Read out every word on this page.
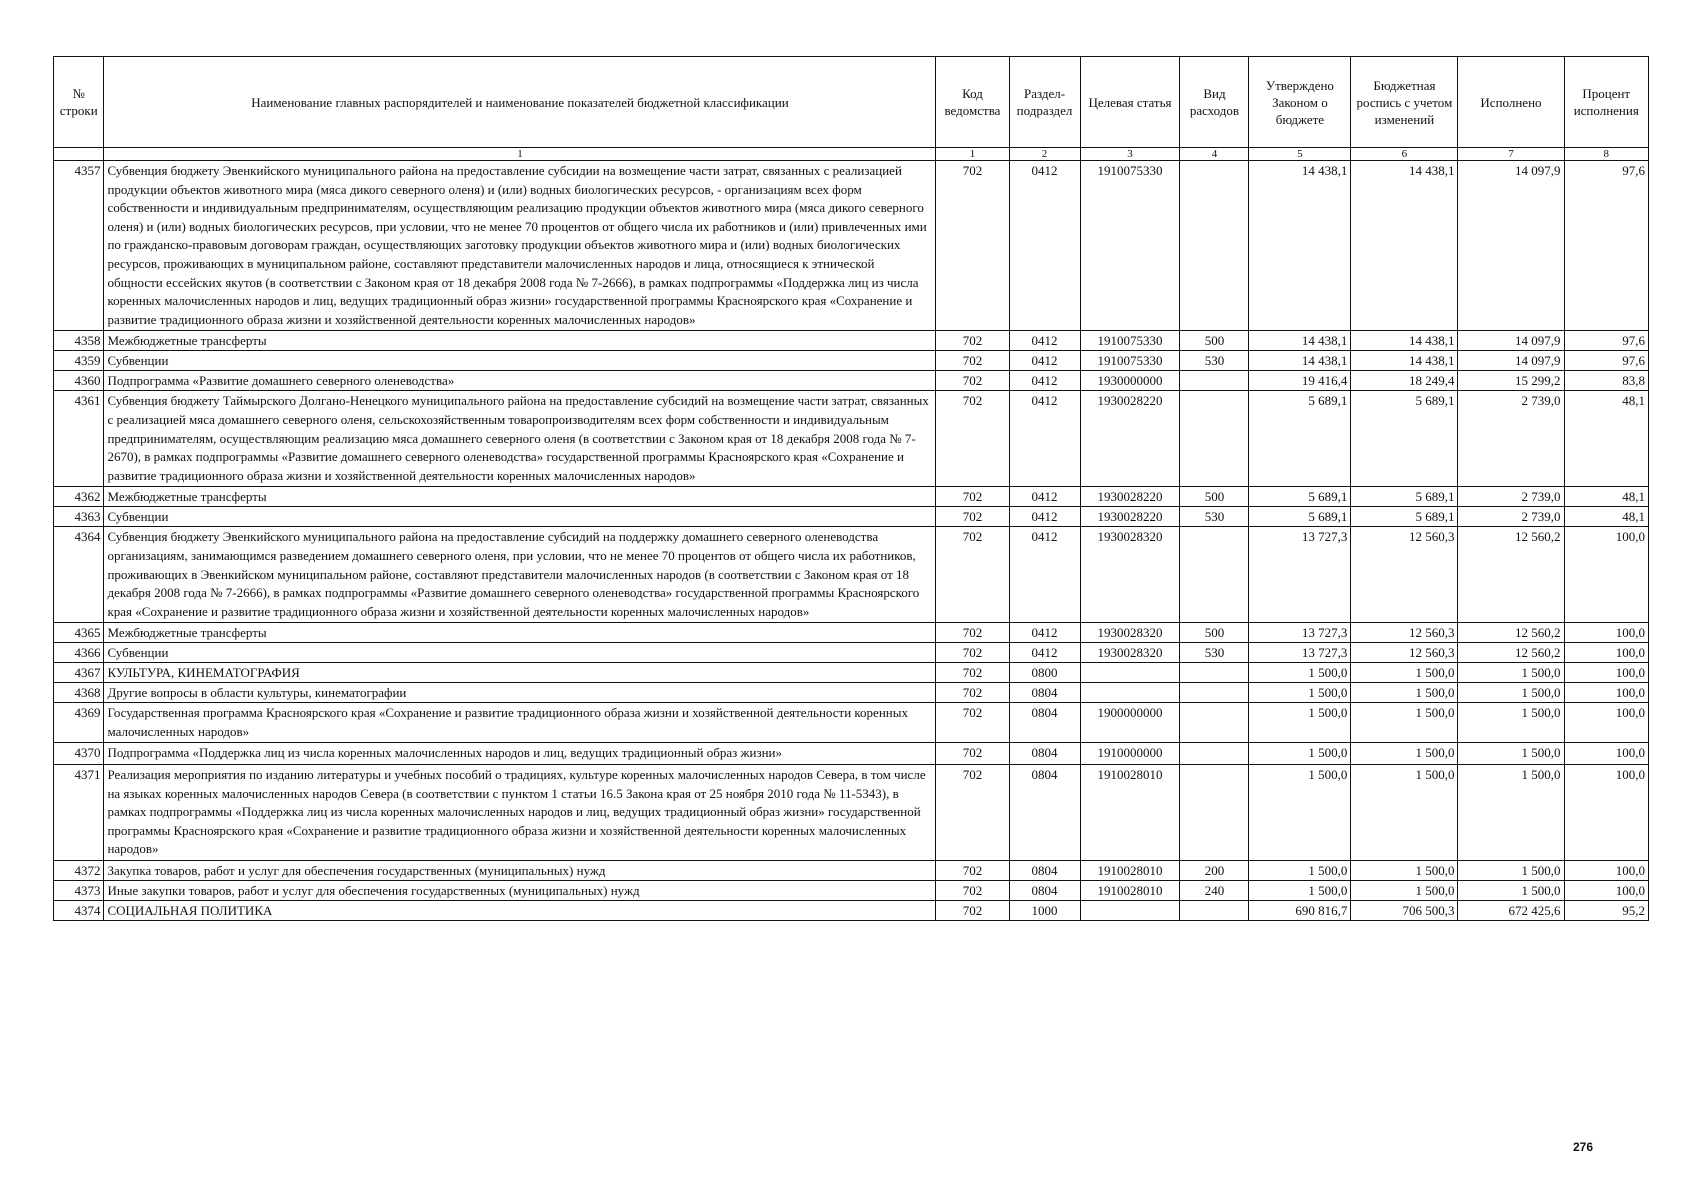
№ строки	Наименование главных распорядителей и наименование показателей бюджетной классификации	Код ведомства	Раздел-подраздел	Целевая статья	Вид расходов	Утверждено Законом о бюджете	Бюджетная роспись с учетом изменений	Исполнено	Процент исполнения
	1	1	2	3	4	5	6	7	8
4357	Субвенция бюджету Эвенкийского муниципального района на предоставление субсидии на возмещение части затрат, связанных с реализацией продукции объектов животного мира (мяса дикого северного оленя) и (или) водных биологических ресурсов, - организациям всех форм собственности и индивидуальным предпринимателям, осуществляющим реализацию продукции объектов животного мира (мяса дикого северного оленя) и (или) водных биологических ресурсов, при условии, что не менее 70 процентов от общего числа их работников и (или) привлеченных ими по гражданско-правовым договорам граждан, осуществляющих заготовку продукции объектов животного мира и (или) водных биологических ресурсов, проживающих в муниципальном районе, составляют представители малочисленных народов и лица, относящиеся к этнической общности ессейских якутов (в соответствии с Законом края от 18 декабря 2008 года № 7-2666), в рамках подпрограммы «Поддержка лиц из числа коренных малочисленных народов и лиц, ведущих традиционный образ жизни» государственной программы Красноярского края «Сохранение и развитие традиционного образа жизни и хозяйственной деятельности коренных малочисленных народов»	702	0412	1910075330		14 438,1	14 438,1	14 097,9	97,6
4358	Межбюджетные трансферты	702	0412	1910075330	500	14 438,1	14 438,1	14 097,9	97,6
4359	Субвенции	702	0412	1910075330	530	14 438,1	14 438,1	14 097,9	97,6
4360	Подпрограмма «Развитие домашнего северного оленеводства»	702	0412	1930000000		19 416,4	18 249,4	15 299,2	83,8
4361	Субвенция бюджету Таймырского Долгано-Ненецкого муниципального района на предоставление субсидий на возмещение части затрат, связанных с реализацией мяса домашнего северного оленя, сельскохозяйственным товаропроизводителям всех форм собственности и индивидуальным предпринимателям, осуществляющим реализацию мяса домашнего северного оленя (в соответствии с Законом края от 18 декабря 2008 года № 7-2670), в рамках подпрограммы «Развитие домашнего северного оленеводства» государственной программы Красноярского края «Сохранение и развитие традиционного образа жизни и хозяйственной деятельности коренных малочисленных народов»	702	0412	1930028220		5 689,1	5 689,1	2 739,0	48,1
4362	Межбюджетные трансферты	702	0412	1930028220	500	5 689,1	5 689,1	2 739,0	48,1
4363	Субвенции	702	0412	1930028220	530	5 689,1	5 689,1	2 739,0	48,1
4364	Субвенция бюджету Эвенкийского муниципального района на предоставление субсидий на поддержку домашнего северного оленеводства организациям, занимающимся разведением домашнего северного оленя, при условии, что не менее 70 процентов от общего числа их работников, проживающих в Эвенкийском муниципальном районе, составляют представители малочисленных народов (в соответствии с Законом края от 18 декабря 2008 года № 7-2666), в рамках подпрограммы «Развитие домашнего северного оленеводства» государственной программы Красноярского края «Сохранение и развитие традиционного образа жизни и хозяйственной деятельности коренных малочисленных народов»	702	0412	1930028320		13 727,3	12 560,3	12 560,2	100,0
4365	Межбюджетные трансферты	702	0412	1930028320	500	13 727,3	12 560,3	12 560,2	100,0
4366	Субвенции	702	0412	1930028320	530	13 727,3	12 560,3	12 560,2	100,0
4367	КУЛЬТУРА, КИНЕМАТОГРАФИЯ	702	0800			1 500,0	1 500,0	1 500,0	100,0
4368	Другие вопросы в области культуры, кинематографии	702	0804			1 500,0	1 500,0	1 500,0	100,0
4369	Государственная программа Красноярского края «Сохранение и развитие традиционного образа жизни и хозяйственной деятельности коренных малочисленных народов»	702	0804	1900000000		1 500,0	1 500,0	1 500,0	100,0
4370	Подпрограмма «Поддержка лиц из числа коренных малочисленных народов и лиц, ведущих традиционный образ жизни»	702	0804	1910000000		1 500,0	1 500,0	1 500,0	100,0
4371	Реализация мероприятия по изданию литературы и учебных пособий о традициях, культуре коренных малочисленных народов Севера, в том числе на языках коренных малочисленных народов Севера (в соответствии с пунктом 1 статьи 16.5 Закона края от 25 ноября 2010 года № 11-5343), в рамках подпрограммы «Поддержка лиц из числа коренных малочисленных народов и лиц, ведущих традиционный образ жизни» государственной программы Красноярского края «Сохранение и развитие традиционного образа жизни и хозяйственной деятельности коренных малочисленных народов»	702	0804	1910028010		1 500,0	1 500,0	1 500,0	100,0
4372	Закупка товаров, работ и услуг для обеспечения государственных (муниципальных) нужд	702	0804	1910028010	200	1 500,0	1 500,0	1 500,0	100,0
4373	Иные закупки товаров, работ и услуг для обеспечения государственных (муниципальных) нужд	702	0804	1910028010	240	1 500,0	1 500,0	1 500,0	100,0
4374	СОЦИАЛЬНАЯ ПОЛИТИКА	702	1000			690 816,7	706 500,3	672 425,6	95,2
276
